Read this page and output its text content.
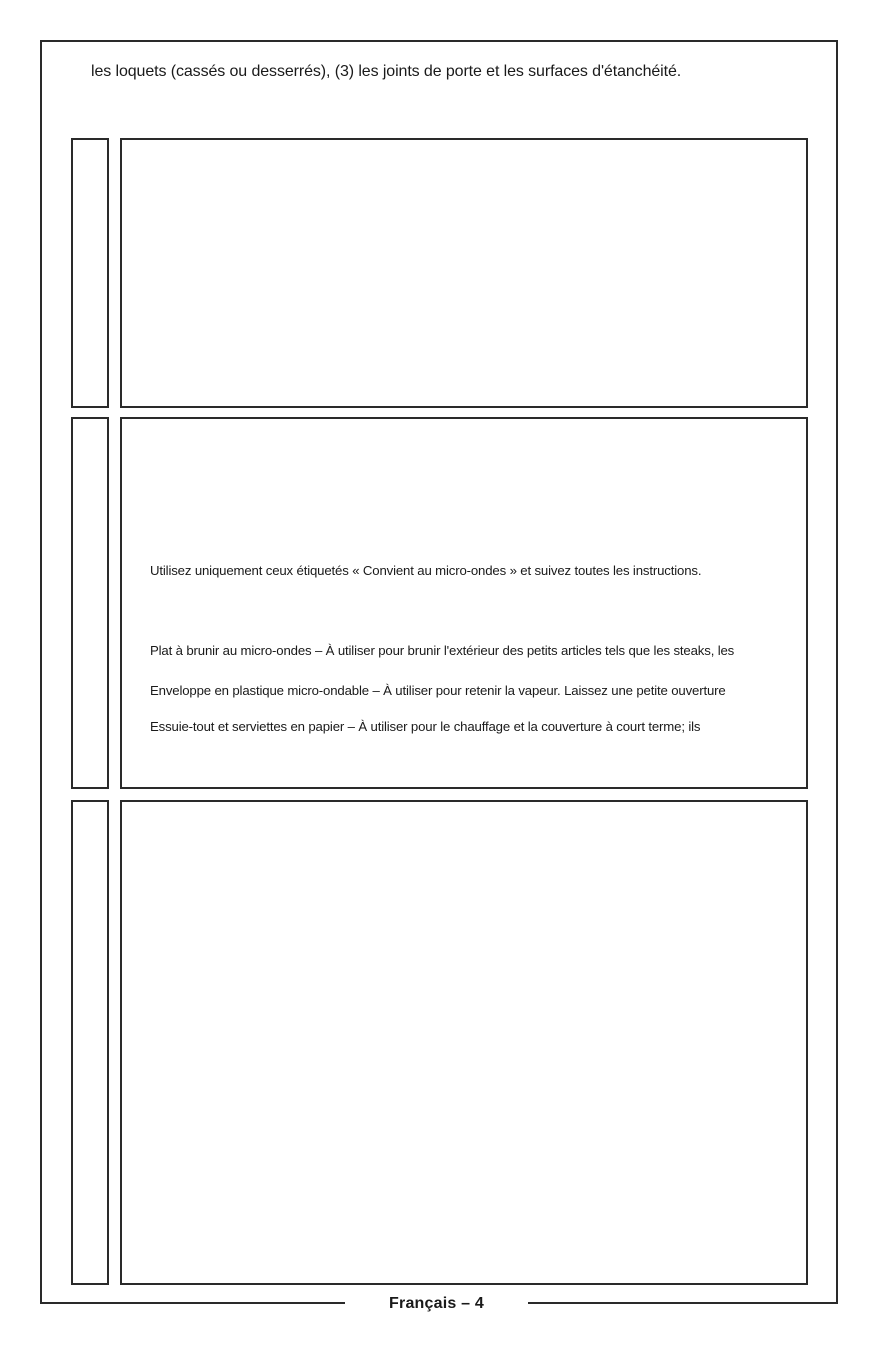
les loquets (cassés ou desserrés), (3) les joints de porte et les surfaces d'étanchéité.
Utilisez uniquement ceux étiquetés « Convient au micro-ondes » et suivez toutes les instructions.
Plat à brunir au micro-ondes – À utiliser pour brunir l'extérieur des petits articles tels que les steaks, les
Enveloppe en plastique micro-ondable – À utiliser pour retenir la vapeur. Laissez une petite ouverture
Essuie-tout et serviettes en papier – À utiliser pour le chauffage et la couverture à court terme; ils
Français – 4
